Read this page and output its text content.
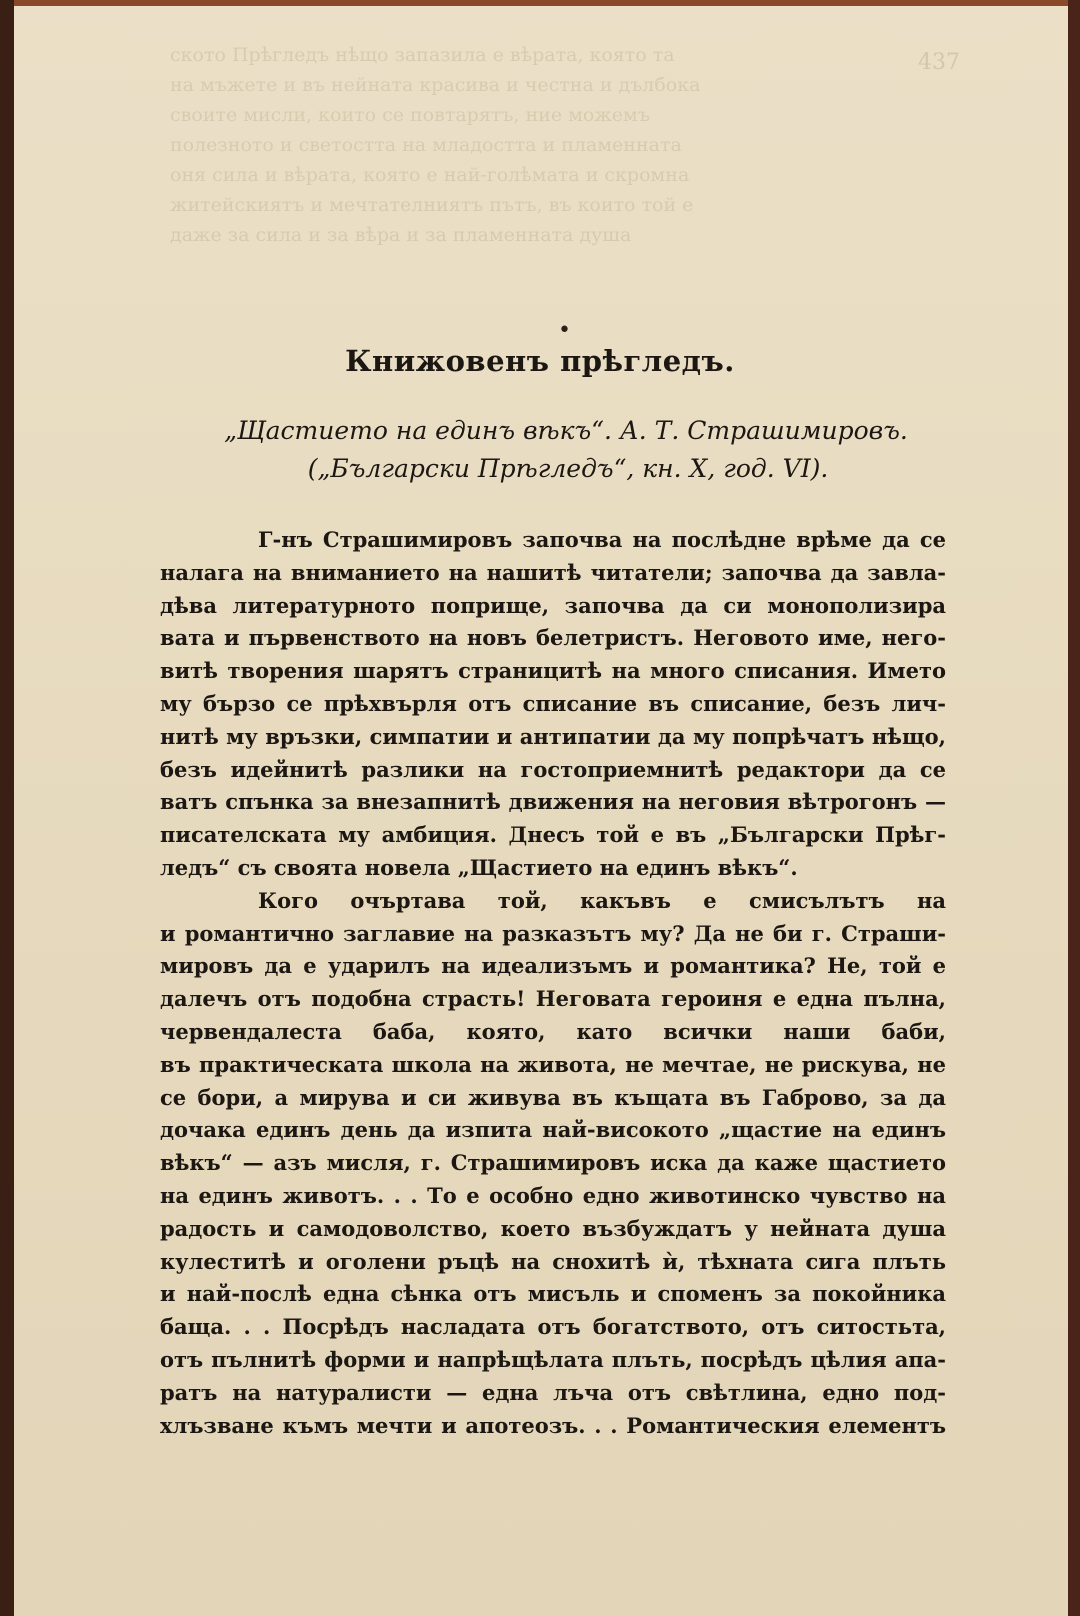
437
ското Прѣгледъ нѣщо запазила е вѣрата, която та
на мъжете и въ нейната красива и честна и дълбока
своите мисли, които се повтарятъ, ние можемъ
полезното и светостта на младостта и пламенната
оня сила и вѣрата, която е най-голѣмата и скромна
житейскиятъ и мечтателниятъ пътъ, въ които той е
даже за сила и за вѣра и за пламенната душа
•
Книжовенъ прѣгледъ.
„Щастието на единъ вѣкъ“. А. Т. Страшимировъ.
(„Български Прѣгледъ“, кн. X, год. VI).
Г-нъ Страшимировъ започва на послѣдне врѣме да се
налага на вниманието на нашитѣ читатели; започва да завла-
дѣва литературното поприще, започва да си монополизира
вата и първенството на новъ белетристъ. Неговото име, него-
витѣ творения шарятъ страницитѣ на много списания. Името
му бързо се прѣхвърля отъ списание въ списание, безъ лич-
нитѣ му връзки, симпатии и антипатии да му попрѣчатъ нѣщо,
безъ идейнитѣ разлики на гостоприемнитѣ редактори да се
ватъ спънка за внезапнитѣ движения на неговия вѣтрогонъ —
писателската му амбиция. Днесъ той е въ „Български Прѣг-
ледъ“ съ своята новела „Щастието на единъ вѣкъ“.
Кого очъртава той, какъвъ е смисълътъ на
и романтично заглавие на разказътъ му? Да не би г. Страши-
мировъ да е ударилъ на идеализъмъ и романтика? Не, той е
далечъ отъ подобна страсть! Неговата героиня е една пълна,
червендалеста баба, която, като всички наши баби,
въ практическата школа на живота, не мечтае, не рискува, не
се бори, а мирува и си живува въ къщата въ Габрово, за да
дочака единъ день да изпита най-високото „щастие на единъ
вѣкъ“ — азъ мисля, г. Страшимировъ иска да каже щастието
на единъ животъ. . . То е особно едно животинско чувство на
радость и самодоволство, което възбуждатъ у нейната душа
кулеститѣ и оголени ръцѣ на снохитѣ ѝ, тѣхната сига плъть
и най-послѣ една сѣнка отъ мисъль и споменъ за покойника
баща. . . Посрѣдъ насладата отъ богатството, отъ ситостьта,
отъ пълнитѣ форми и напрѣщѣлата плъть, посрѣдъ цѣлия апа-
ратъ на натуралисти — една лъча отъ свѣтлина, едно под-
хлъзване къмъ мечти и апотеозъ. . . Романтическия елементъ
